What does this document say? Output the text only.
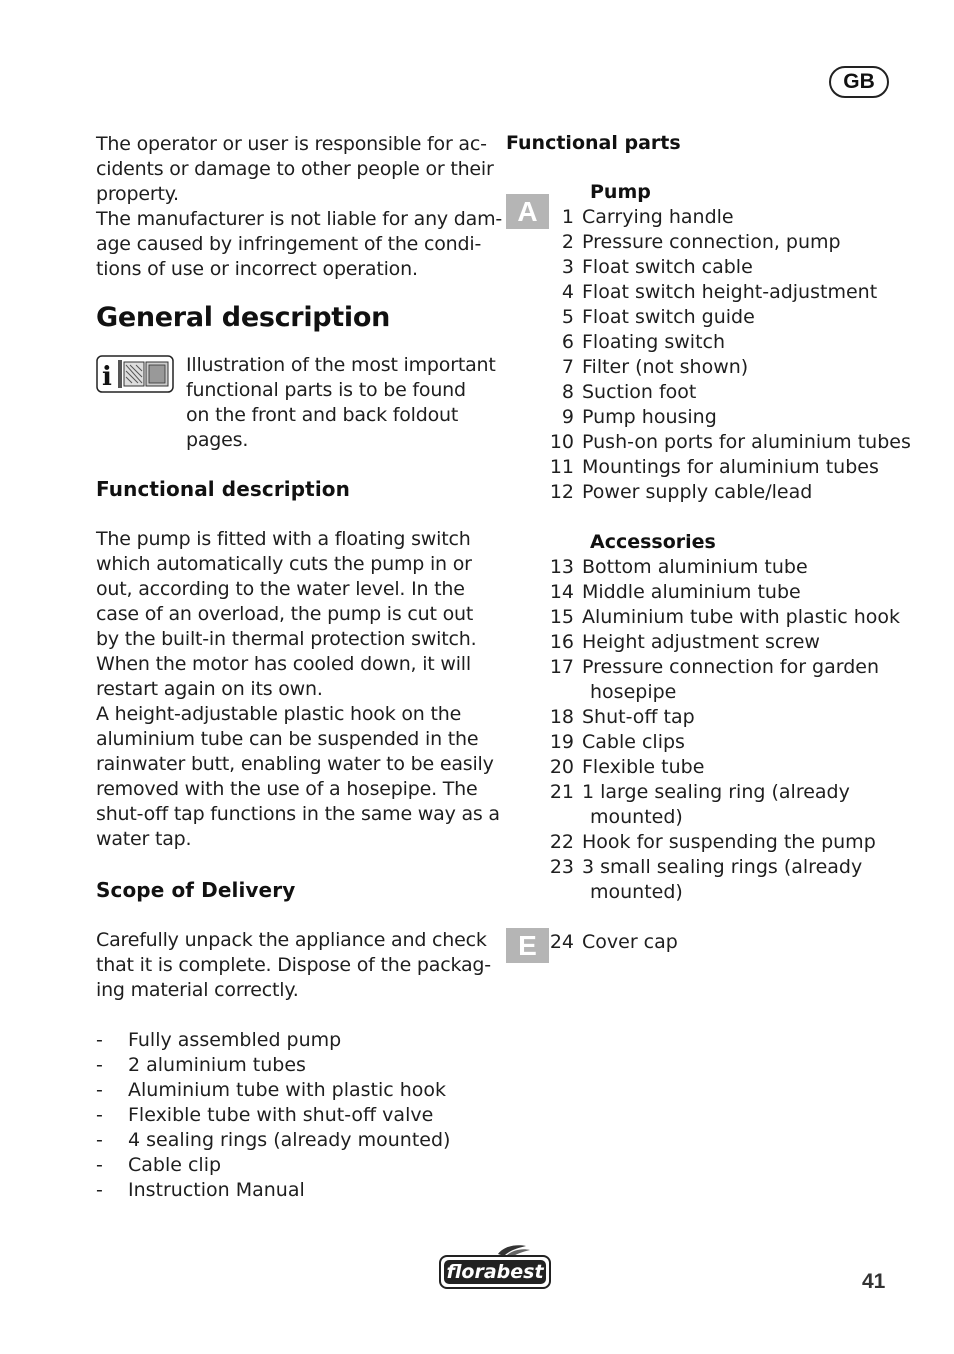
GB

The operator or user is responsible for ac-
cidents or damage to other people or their
property.
The manufacturer is not liable for any dam-
age caused by infringement of the condi-
tions of use or incorrect operation.

General description
i	Illustration of the most important
functional parts is to be found
on the front and back foldout
pages.
Functional description

The pump is fitted with a floating switch
which automatically cuts the pump in or
out, according to the water level. In the
case of an overload, the pump is cut out
by the built-in thermal protection switch.
When the motor has cooled down, it will
restart again on its own.
A height-adjustable plastic hook on the
aluminium tube can be suspended in the
rainwater butt, enabling water to be easily
removed with the use of a hosepipe. The
shut-off tap functions in the same way as a
water tap.

Scope of Delivery

Carefully unpack the appliance and check
that it is complete. Dispose of the packag-
ing material correctly.

- Fully assembled pump
- 2 aluminium tubes
- Aluminium tube with plastic hook
- Flexible tube with shut-off valve
- 4 sealing rings (already mounted)
- Cable clip
- Instruction Manual
A
E
Functional parts
Pump
1 Carrying handle
2 Pressure connection, pump
3 Float switch cable
4 Float switch height-adjustment
5 Float switch guide
6 Floating switch
7 Filter (not shown)
8 Suction foot
9 Pump housing
10 Push-on ports for aluminium tubes
11 Mountings for aluminium tubes
12 Power supply cable/lead
Accessories
13 Bottom aluminium tube
14 Middle aluminium tube
15 Aluminium tube with plastic hook
16 Height adjustment screw
17 Pressure connection for garden
hosepipe
18 Shut-off tap
19 Cable clips
20 Flexible tube
21 1 large sealing ring (already
mounted)
22 Hook for suspending the pump
23 3 small sealing rings (already
mounted)
24 Cover cap
florabest	41
